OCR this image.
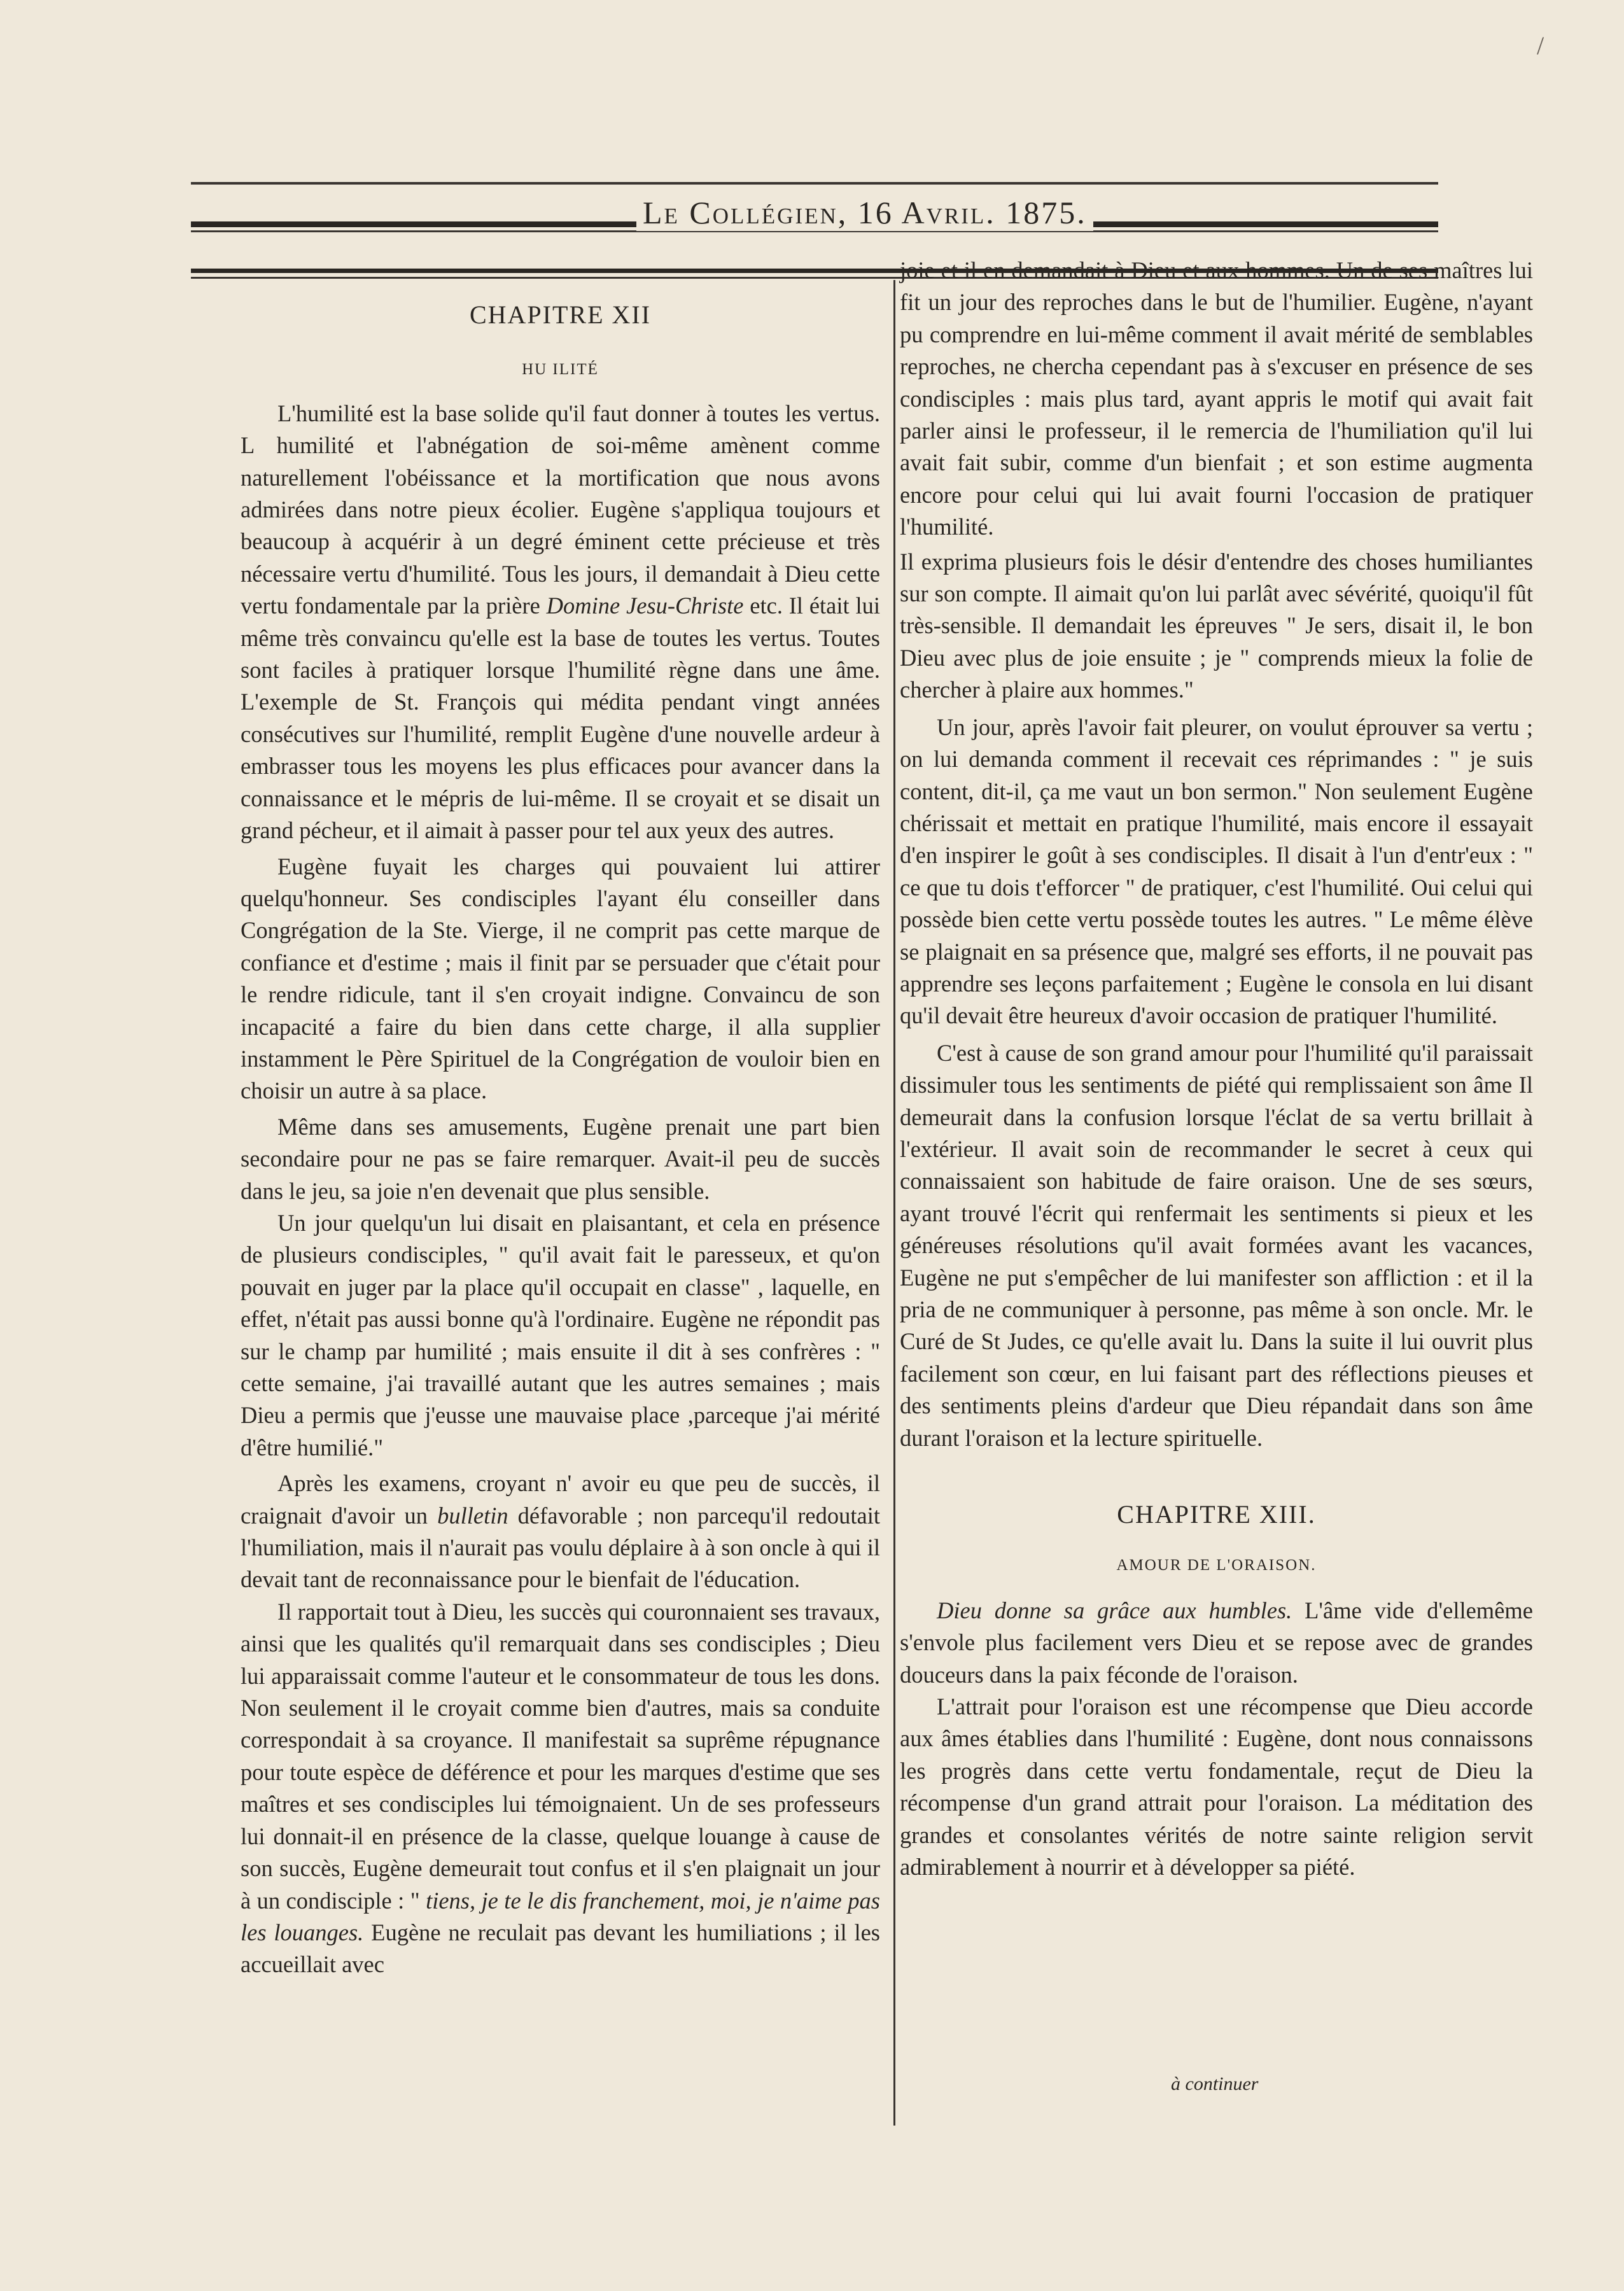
/
Le Collégien, 16 Avril. 1875.

CHAPITRE XII

HU ILITÉ

L'humilité est la base solide qu'il faut donner à toutes les vertus. L humilité et l'abnégation de soi-même amènent comme naturellement l'obéissance et la mortification que nous avons admirées dans notre pieux écolier. Eugène s'appliqua toujours et beaucoup à acquérir à un degré éminent cette précieuse et très nécessaire vertu d'humilité. Tous les jours, il demandait à Dieu cette vertu fondamentale par la prière Domine Jesu-Christe etc. Il était lui même très convaincu qu'elle est la base de toutes les vertus. Toutes sont faciles à pratiquer lorsque l'humilité règne dans une âme. L'exemple de St. François qui médita pendant vingt années consécutives sur l'humilité, remplit Eugène d'une nouvelle ardeur à embrasser tous les moyens les plus efficaces pour avancer dans la connaissance et le mépris de lui-même. Il se croyait et se disait un grand pécheur, et il aimait à passer pour tel aux yeux des autres.

Eugène fuyait les charges qui pouvaient lui attirer quelqu'honneur. Ses condisciples l'ayant élu conseiller dans Congrégation de la Ste. Vierge, il ne comprit pas cette marque de confiance et d'estime ; mais il finit par se persuader que c'était pour le rendre ridicule, tant il s'en croyait indigne. Convaincu de son incapacité a faire du bien dans cette charge, il alla supplier instamment le Père Spirituel de la Congrégation de vouloir bien en choisir un autre à sa place.

Même dans ses amusements, Eugène prenait une part bien secondaire pour ne pas se faire remarquer. Avait-il peu de succès dans le jeu, sa joie n'en devenait que plus sensible.

Un jour quelqu'un lui disait en plaisantant, et cela en présence de plusieurs condisciples, " qu'il avait fait le paresseux, et qu'on pouvait en juger par la place qu'il occupait en classe" , laquelle, en effet, n'était pas aussi bonne qu'à l'ordinaire. Eugène ne répondit pas sur le champ par humilité ; mais ensuite il dit à ses confrères : " cette semaine, j'ai travaillé autant que les autres semaines ; mais Dieu a permis que j'eusse une mauvaise place ,parceque j'ai mérité d'être humilié."

Après les examens, croyant n' avoir eu que peu de succès, il craignait d'avoir un bulletin défavorable ; non parcequ'il redoutait l'humiliation, mais il n'aurait pas voulu déplaire à à son oncle à qui il devait tant de reconnaissance pour le bienfait de l'éducation.

Il rapportait tout à Dieu, les succès qui couronnaient ses travaux, ainsi que les qualités qu'il remarquait dans ses condisciples ; Dieu lui apparaissait comme l'auteur et le consommateur de tous les dons. Non seulement il le croyait comme bien d'autres, mais sa conduite correspondait à sa croyance. Il manifestait sa suprême répugnance pour toute espèce de déférence et pour les marques d'estime que ses maîtres et ses condisciples lui témoignaient. Un de ses professeurs lui donnait-il en présence de la classe, quelque louange à cause de son succès, Eugène demeurait tout confus et il s'en plaignait un jour à un condisciple : " tiens, je te le dis franchement, moi, je n'aime pas les louanges. Eugène ne reculait pas devant les humiliations ; il les accueillait avec

joie et il en demandait à Dieu et aux hommes. Un de ses maîtres lui fit un jour des reproches dans le but de l'humilier. Eugène, n'ayant pu comprendre en lui-même comment il avait mérité de semblables reproches, ne chercha cependant pas à s'excuser en présence de ses condisciples : mais plus tard, ayant appris le motif qui avait fait parler ainsi le professeur, il le remercia de l'humiliation qu'il lui avait fait subir, comme d'un bienfait ; et son estime augmenta encore pour celui qui lui avait fourni l'occasion de pratiquer l'humilité.

Il exprima plusieurs fois le désir d'entendre des choses humiliantes sur son compte. Il aimait qu'on lui parlât avec sévérité, quoiqu'il fût très-sensible. Il demandait les épreuves " Je sers, disait il, le bon Dieu avec plus de joie ensuite ; je " comprends mieux la folie de chercher à plaire aux hommes."

Un jour, après l'avoir fait pleurer, on voulut éprouver sa vertu ; on lui demanda comment il recevait ces réprimandes : " je suis content, dit-il, ça me vaut un bon sermon." Non seulement Eugène chérissait et mettait en pratique l'humilité, mais encore il essayait d'en inspirer le goût à ses condisciples. Il disait à l'un d'entr'eux : " ce que tu dois t'efforcer " de pratiquer, c'est l'humilité. Oui celui qui possède bien cette vertu possède toutes les autres. " Le même élève se plaignait en sa présence que, malgré ses efforts, il ne pouvait pas apprendre ses leçons parfaitement ; Eugène le consola en lui disant qu'il devait être heureux d'avoir occasion de pratiquer l'humilité.

C'est à cause de son grand amour pour l'humilité qu'il paraissait dissimuler tous les sentiments de piété qui remplissaient son âme Il demeurait dans la confusion lorsque l'éclat de sa vertu brillait à l'extérieur. Il avait soin de recommander le secret à ceux qui connaissaient son habitude de faire oraison. Une de ses sœurs, ayant trouvé l'écrit qui renfermait les sentiments si pieux et les généreuses résolutions qu'il avait formées avant les vacances, Eugène ne put s'empêcher de lui manifester son affliction : et il la pria de ne communiquer à personne, pas même à son oncle. Mr. le Curé de St Judes, ce qu'elle avait lu. Dans la suite il lui ouvrit plus facilement son cœur, en lui faisant part des réflections pieuses et des sentiments pleins d'ardeur que Dieu répandait dans son âme durant l'oraison et la lecture spirituelle.

CHAPITRE XIII.

AMOUR DE L'ORAISON.

Dieu donne sa grâce aux humbles. L'âme vide d'ellemême s'envole plus facilement vers Dieu et se repose avec de grandes douceurs dans la paix féconde de l'oraison.

L'attrait pour l'oraison est une récompense que Dieu accorde aux âmes établies dans l'humilité : Eugène, dont nous connaissons les progrès dans cette vertu fondamentale, reçut de Dieu la récompense d'un grand attrait pour l'oraison. La méditation des grandes et consolantes vérités de notre sainte religion servit admirablement à nourrir et à développer sa piété.

à continuer
